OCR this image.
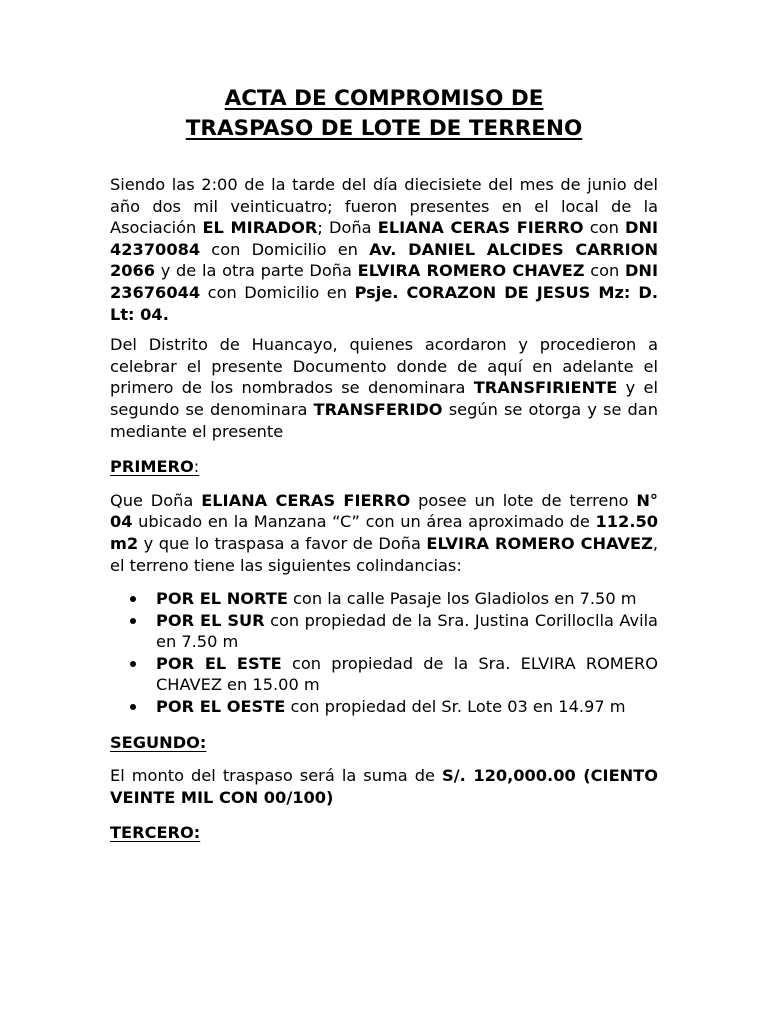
ACTA DE COMPROMISO DE
TRASPASO DE LOTE DE TERRENO

Siendo las 2:00 de la tarde del día diecisiete del mes de junio del año dos mil veinticuatro; fueron presentes en el local de la Asociación EL MIRADOR; Doña ELIANA CERAS FIERRO con DNI 42370084 con Domicilio en Av. DANIEL ALCIDES CARRION 2066 y de la otra parte Doña ELVIRA ROMERO CHAVEZ con DNI 23676044 con Domicilio en Psje. CORAZON DE JESUS Mz: D. Lt: 04.

Del Distrito de Huancayo, quienes acordaron y procedieron a celebrar el presente Documento donde de aquí en adelante el primero de los nombrados se denominara TRANSFIRIENTE y el segundo se denominara TRANSFERIDO según se otorga y se dan mediante el presente

PRIMERO:

Que Doña ELIANA CERAS FIERRO posee un lote de terreno N° 04 ubicado en la Manzana “C” con un área aproximado de 112.50 m2 y que lo traspasa a favor de Doña ELVIRA ROMERO CHAVEZ, el terreno tiene las siguientes colindancias:

POR EL NORTE con la calle Pasaje los Gladiolos en 7.50 m
POR EL SUR con propiedad de la Sra. Justina Corilloclla Avila en 7.50 m
POR EL ESTE con propiedad de la Sra. ELVIRA ROMERO CHAVEZ en 15.00 m
POR EL OESTE con propiedad del Sr. Lote 03 en 14.97 m

SEGUNDO:

El monto del traspaso será la suma de S/. 120,000.00 (CIENTO VEINTE MIL CON 00/100)

TERCERO:
